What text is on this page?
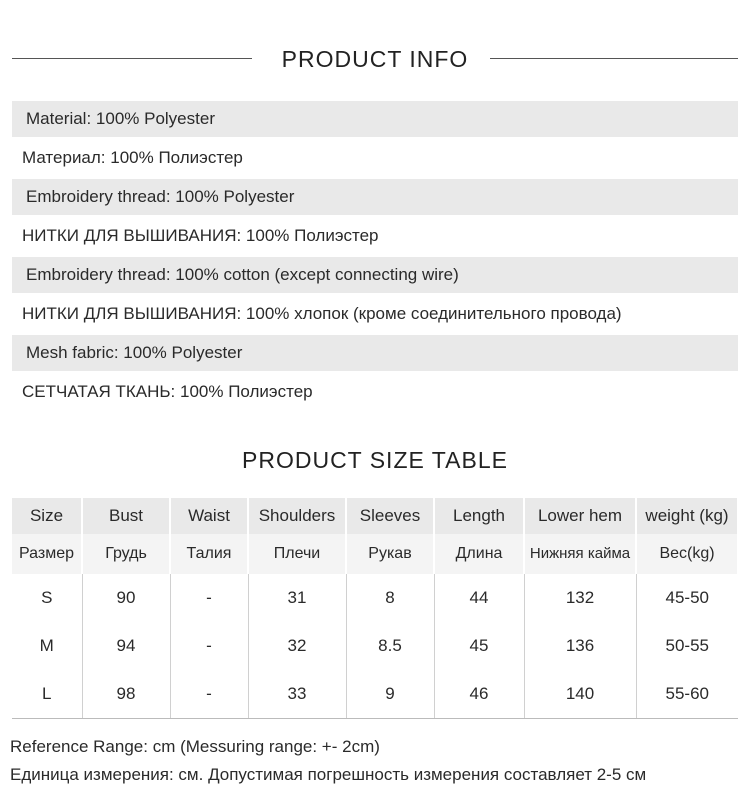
PRODUCT INFO
Material: 100% Polyester
Материал: 100% Полиэстер
Embroidery thread: 100% Polyester
НИТКИ ДЛЯ ВЫШИВАНИЯ: 100% Полиэстер
Embroidery thread: 100% cotton (except connecting wire)
НИТКИ ДЛЯ ВЫШИВАНИЯ: 100% хлопок (кроме соединительного провода)
Mesh fabric: 100% Polyester
СЕТЧАТАЯ ТКАНЬ: 100% Полиэстер
PRODUCT SIZE TABLE
Size	Bust	Waist	Shoulders	Sleeves	Length	Lower hem	weight (kg)
Размер	Грудь	Талия	Плечи	Рукав	Длина	Нижняя кайма	Вес(kg)
S	90	-	31	8	44	132	45-50
M	94	-	32	8.5	45	136	50-55
L	98	-	33	9	46	140	55-60
Reference Range: cm (Messuring range: +- 2cm)
Единица измерения: см. Допустимая погрешность измерения составляет 2-5 см
